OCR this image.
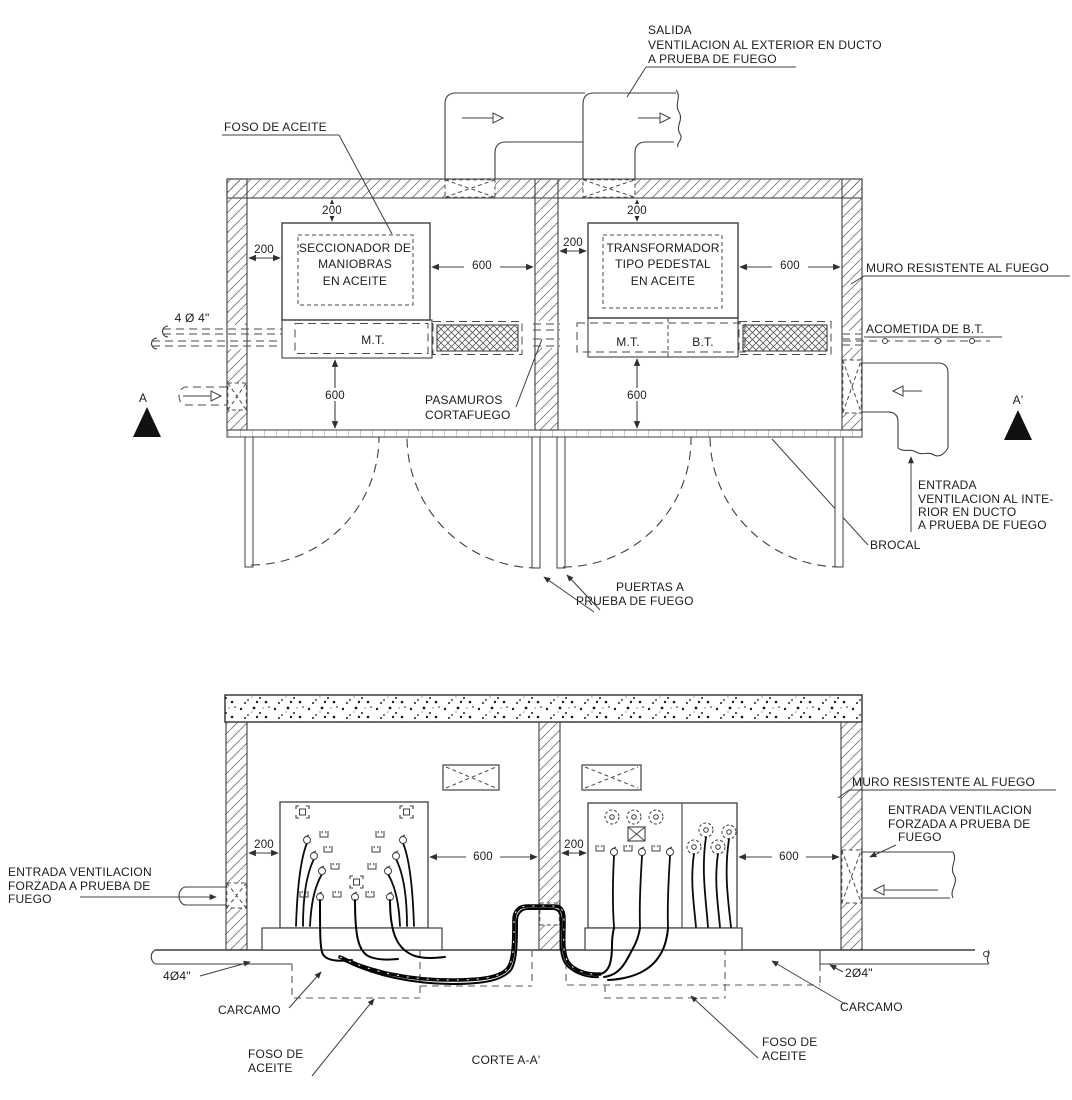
SALIDA
VENTILACION AL EXTERIOR EN DUCTO
A PRUEBA DE FUEGO
FOSO DE ACEITE
SECCIONADOR DE
MANIOBRAS
EN ACEITE
M.T.
TRANSFORMADOR
TIPO PEDESTAL
EN ACEITE
M.T.	B.T.
4 Ø 4"
200
200
600
600
200
200
600
600
MURO RESISTENTE AL FUEGO
ACOMETIDA DE B.T.
A	A'
PASAMUROS
CORTAFUEGO
ENTRADA
VENTILACION AL INTE-
RIOR EN DUCTO
A PRUEBA DE FUEGO
BROCAL
PUERTAS A
PRUEBA DE FUEGO
200
600
200
600
ENTRADA VENTILACION
FORZADA A PRUEBA DE
FUEGO
MURO RESISTENTE AL FUEGO
ENTRADA VENTILACION
FORZADA A PRUEBA DE
FUEGO
4Ø4"	2Ø4"
CARCAMO	CARCAMO
FOSO DE
ACEITE
FOSO DE
ACEITE
CORTE A-A'
